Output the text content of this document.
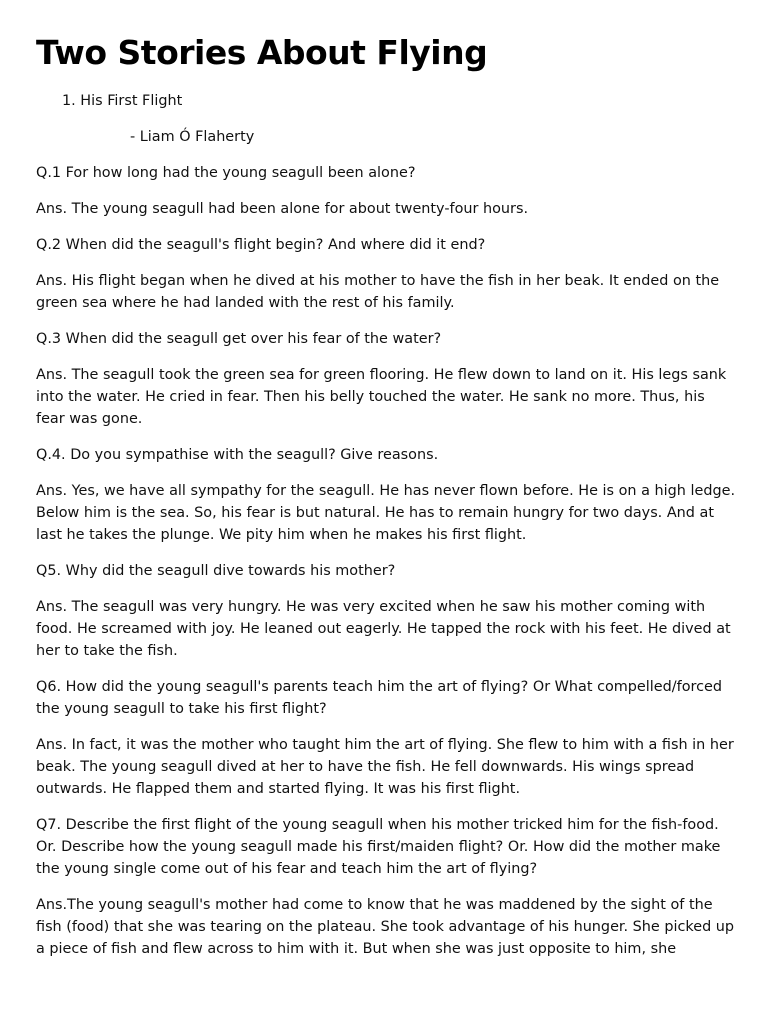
Two Stories About Flying
1. His First Flight
- Liam Ó Flaherty

Q.1 For how long had the young seagull been alone?

Ans. The young seagull had been alone for about twenty-four hours.

Q.2 When did the seagull's flight begin? And where did it end?

Ans. His flight began when he dived at his mother to have the fish in her beak. It ended on the green sea where he had landed with the rest of his family.

Q.3 When did the seagull get over his fear of the water?

Ans. The seagull took the green sea for green flooring. He flew down to land on it. His legs sank into the water. He cried in fear. Then his belly touched the water. He sank no more. Thus, his fear was gone.

Q.4. Do you sympathise with the seagull? Give reasons.

Ans. Yes, we have all sympathy for the seagull. He has never flown before. He is on a high ledge. Below him is the sea. So, his fear is but natural. He has to remain hungry for two days. And at last he takes the plunge. We pity him when he makes his first flight.

Q5. Why did the seagull dive towards his mother?

Ans. The seagull was very hungry. He was very excited when he saw his mother coming with food. He screamed with joy. He leaned out eagerly. He tapped the rock with his feet. He dived at her to take the fish.

Q6. How did the young seagull's parents teach him the art of flying? Or What compelled/forced the young seagull to take his first flight?

Ans. In fact, it was the mother who taught him the art of flying. She flew to him with a fish in her beak. The young seagull dived at her to have the fish. He fell downwards. His wings spread outwards. He flapped them and started flying. It was his first flight.

Q7. Describe the first flight of the young seagull when his mother tricked him for the fish-food. Or. Describe how the young seagull made his first/maiden flight? Or. How did the mother make the young single come out of his fear and teach him the art of flying?

Ans.The young seagull's mother had come to know that he was maddened by the sight of the fish (food) that she was tearing on the plateau. She took advantage of his hunger. She picked up a piece of fish and flew across to him with it. But when she was just opposite to him, she
